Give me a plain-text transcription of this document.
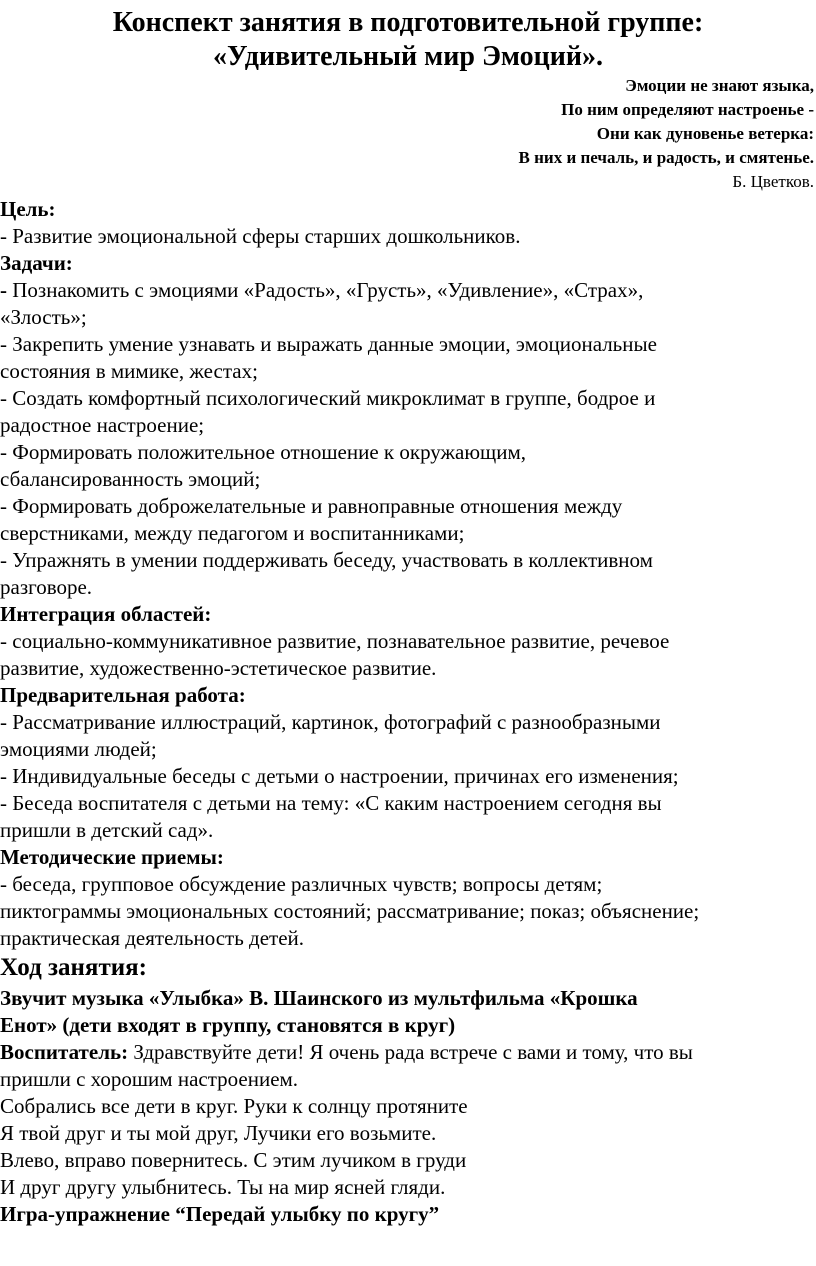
Конспект занятия в подготовительной группе:
«Удивительный мир Эмоций».
Эмоции не знают языка,
По ним определяют настроенье -
Они как дуновенье ветерка:
В них и печаль, и радость, и смятенье.
Б. Цветков.
Цель:
- Развитие эмоциональной сферы старших дошкольников.
Задачи:
- Познакомить с эмоциями «Радость», «Грусть», «Удивление», «Страх»,
«Злость»;
- Закрепить умение узнавать и выражать данные эмоции, эмоциональные
состояния в мимике, жестах;
- Создать комфортный психологический микроклимат в группе, бодрое и
радостное настроение;
- Формировать положительное отношение к окружающим,
сбалансированность эмоций;
- Формировать доброжелательные и равноправные отношения между
сверстниками, между педагогом и воспитанниками;
- Упражнять в умении поддерживать беседу, участвовать в коллективном
разговоре.
Интеграция областей:
- социально-коммуникативное развитие, познавательное развитие, речевое
развитие, художественно-эстетическое развитие.
Предварительная работа:
- Рассматривание иллюстраций, картинок, фотографий с разнообразными
эмоциями людей;
- Индивидуальные беседы с детьми о настроении, причинах его изменения;
- Беседа воспитателя с детьми на тему: «С каким настроением сегодня вы
пришли в детский сад».
Методические приемы:
- беседа, групповое обсуждение различных чувств; вопросы детям;
пиктограммы эмоциональных состояний; рассматривание; показ; объяснение;
практическая деятельность детей.
Ход занятия:
Звучит музыка «Улыбка» В. Шаинского из мультфильма «Крошка
Енот» (дети входят в группу, становятся в круг)
Воспитатель: Здравствуйте дети! Я очень рада встрече с вами и тому, что вы
пришли с хорошим настроением.
Собрались все дети в круг. Руки к солнцу протяните
Я твой друг и ты мой друг, Лучики его возьмите.
Влево, вправо повернитесь. С этим лучиком в груди
И друг другу улыбнитесь. Ты на мир ясней гляди.
Игра-упражнение “Передай улыбку по кругу”
